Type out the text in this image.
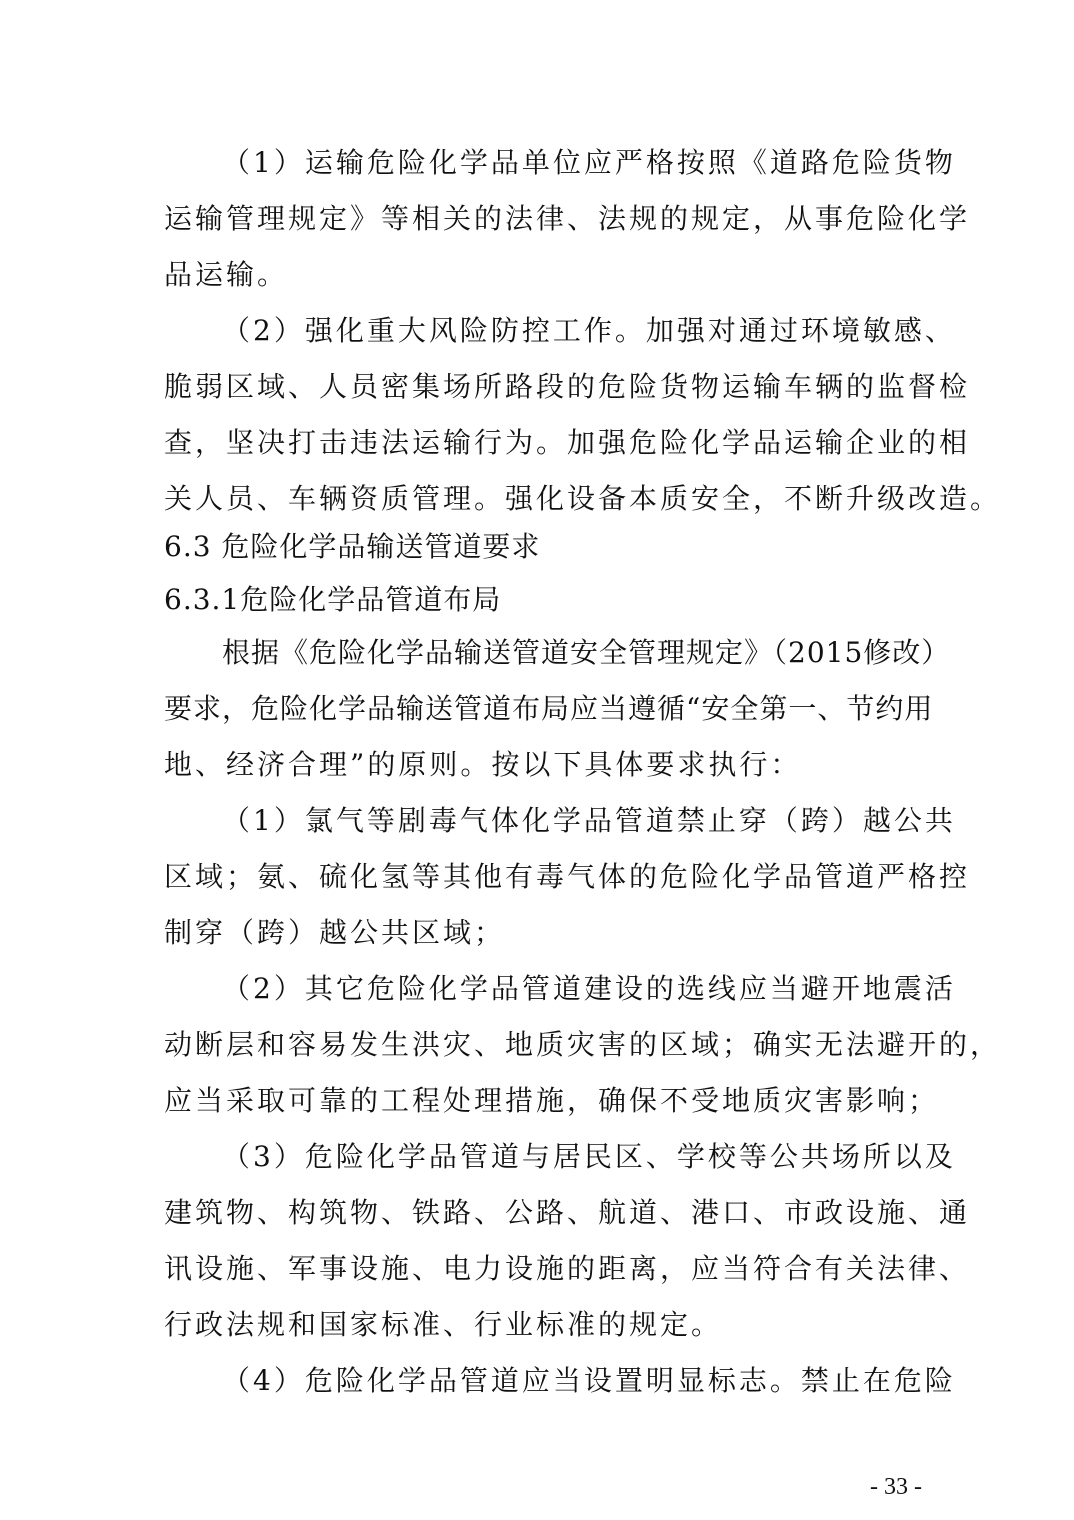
（1）运输危险化学品单位应严格按照《道路危险货物
运输管理规定》等相关的法律、法规的规定，从事危险化学
品运输。
（2）强化重大风险防控工作。加强对通过环境敏感、
脆弱区域、人员密集场所路段的危险货物运输车辆的监督检
查，坚决打击违法运输行为。加强危险化学品运输企业的相
关人员、车辆资质管理。强化设备本质安全，不断升级改造。
6.3 危险化学品输送管道要求
6.3.1危险化学品管道布局
根据《危险化学品输送管道安全管理规定》（2015修改）
要求，危险化学品输送管道布局应当遵循“安全第一、节约用
地、经济合理”的原则。按以下具体要求执行：
（1）氯气等剧毒气体化学品管道禁止穿（跨）越公共
区域；氨、硫化氢等其他有毒气体的危险化学品管道严格控
制穿（跨）越公共区域；
（2）其它危险化学品管道建设的选线应当避开地震活
动断层和容易发生洪灾、地质灾害的区域；确实无法避开的，
应当采取可靠的工程处理措施，确保不受地质灾害影响；
（3）危险化学品管道与居民区、学校等公共场所以及
建筑物、构筑物、铁路、公路、航道、港口、市政设施、通
讯设施、军事设施、电力设施的距离，应当符合有关法律、
行政法规和国家标准、行业标准的规定。
（4）危险化学品管道应当设置明显标志。禁止在危险
- 33 -
